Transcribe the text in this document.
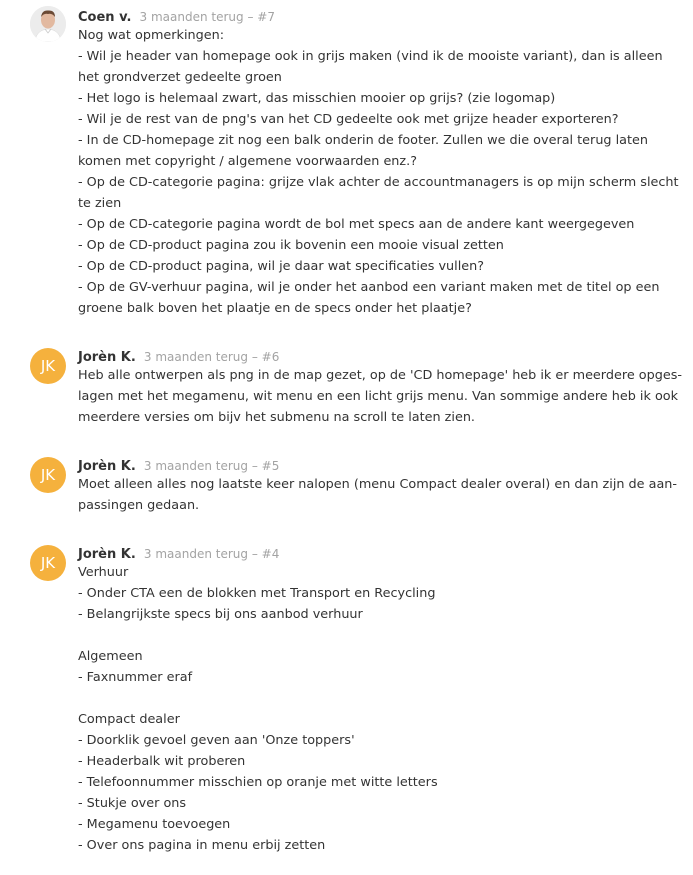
Coen v. 3 maanden terug – #7
Nog wat opmerkingen:
- Wil je header van homepage ook in grijs maken (vind ik de mooiste variant), dan is alleen
het grondverzet gedeelte groen
- Het logo is helemaal zwart, das misschien mooier op grijs? (zie logomap)
- Wil je de rest van de png's van het CD gedeelte ook met grijze header exporteren?
- In de CD-homepage zit nog een balk onderin de footer. Zullen we die overal terug laten
komen met copyright / algemene voorwaarden enz.?
- Op de CD-categorie pagina: grijze vlak achter de accountmanagers is op mijn scherm slecht
te zien
- Op de CD-categorie pagina wordt de bol met specs aan de andere kant weergegeven
- Op de CD-product pagina zou ik bovenin een mooie visual zetten
- Op de CD-product pagina, wil je daar wat specificaties vullen?
- Op de GV-verhuur pagina, wil je onder het aanbod een variant maken met de titel op een
groene balk boven het plaatje en de specs onder het plaatje?
JK Jorèn K. 3 maanden terug – #6
Heb alle ontwerpen als png in de map gezet, op de 'CD homepage' heb ik er meerdere opges-
lagen met het megamenu, wit menu en een licht grijs menu. Van sommige andere heb ik ook
meerdere versies om bijv het submenu na scroll te laten zien.
JK Jorèn K. 3 maanden terug – #5
Moet alleen alles nog laatste keer nalopen (menu Compact dealer overal) en dan zijn de aan-
passingen gedaan.
JK Jorèn K. 3 maanden terug – #4
Verhuur
- Onder CTA een de blokken met Transport en Recycling
- Belangrijkste specs bij ons aanbod verhuur
Algemeen
- Faxnummer eraf
Compact dealer
- Doorklik gevoel geven aan 'Onze toppers'
- Headerbalk wit proberen
- Telefoonnummer misschien op oranje met witte letters
- Stukje over ons
- Megamenu toevoegen
- Over ons pagina in menu erbij zetten
